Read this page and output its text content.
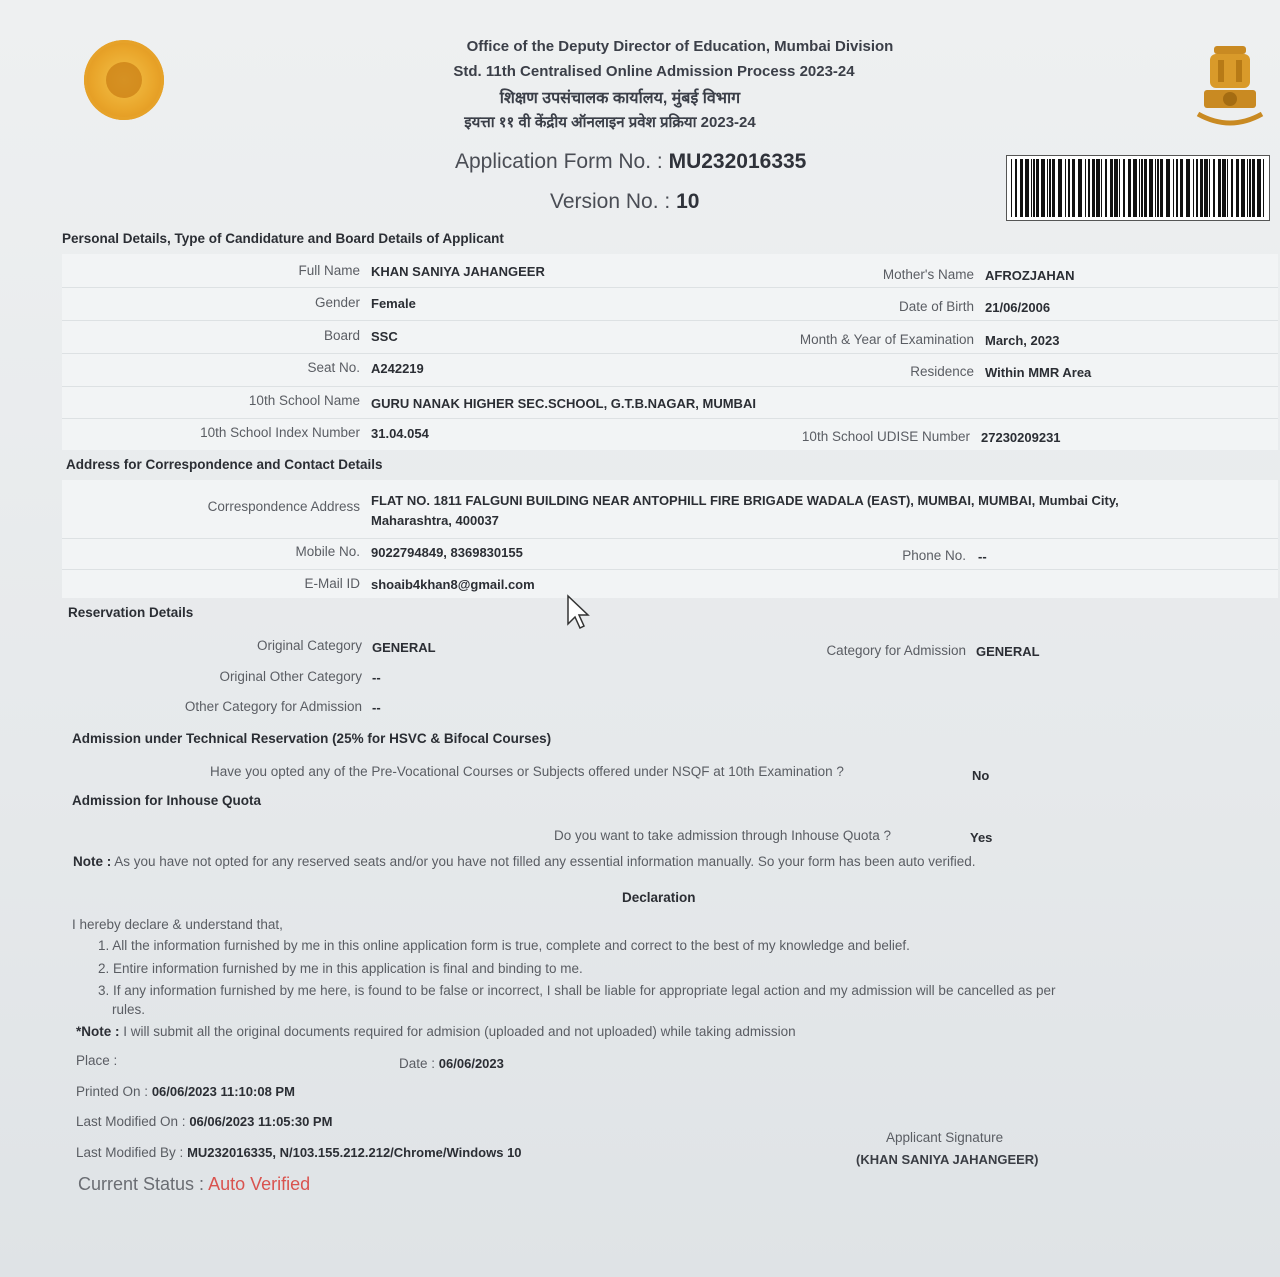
Office of the Deputy Director of Education, Mumbai Division
Std. 11th Centralised Online Admission Process 2023-24
शिक्षण उपसंचालक कार्यालय, मुंबई विभाग
इयत्ता ११ वी केंद्रीय ऑनलाइन प्रवेश प्रक्रिया 2023-24
Application Form No. : MU232016335
Version No. : 10
Personal Details, Type of Candidature and Board Details of Applicant
Full Name KHAN SANIYA JAHANGEER	Mother's Name AFROZJAHAN
Gender Female	Date of Birth 21/06/2006
Board SSC	Month & Year of Examination March, 2023
Seat No. A242219	Residence Within MMR Area
10th School Name GURU NANAK HIGHER SEC.SCHOOL, G.T.B.NAGAR, MUMBAI
10th School Index Number 31.04.054	10th School UDISE Number 27230209231
Address for Correspondence and Contact Details
Correspondence Address FLAT NO. 1811 FALGUNI BUILDING NEAR ANTOPHILL FIRE BRIGADE WADALA (EAST), MUMBAI, MUMBAI, Mumbai City,
Maharashtra, 400037
Mobile No. 9022794849, 8369830155	Phone No. --
E-Mail ID shoaib4khan8@gmail.com
Reservation Details
Original Category GENERAL	Category for Admission GENERAL
Original Other Category --
Other Category for Admission --
Admission under Technical Reservation (25% for HSVC & Bifocal Courses)
Have you opted any of the Pre-Vocational Courses or Subjects offered under NSQF at 10th Examination ?	No
Admission for Inhouse Quota
Do you want to take admission through Inhouse Quota ?	Yes
Note : As you have not opted for any reserved seats and/or you have not filled any essential information manually. So your form has been auto verified.
Declaration
I hereby declare & understand that,
1. All the information furnished by me in this online application form is true, complete and correct to the best of my knowledge and belief.
2. Entire information furnished by me in this application is final and binding to me.
3. If any information furnished by me here, is found to be false or incorrect, I shall be liable for appropriate legal action and my admission will be cancelled as per
rules.
*Note : I will submit all the original documents required for admision (uploaded and not uploaded) while taking admission
Place :	Date : 06/06/2023
Printed On : 06/06/2023 11:10:08 PM
Last Modified On : 06/06/2023 11:05:30 PM
Last Modified By : MU232016335, N/103.155.212.212/Chrome/Windows 10
Applicant Signature
(KHAN SANIYA JAHANGEER)
Current Status : Auto Verified
